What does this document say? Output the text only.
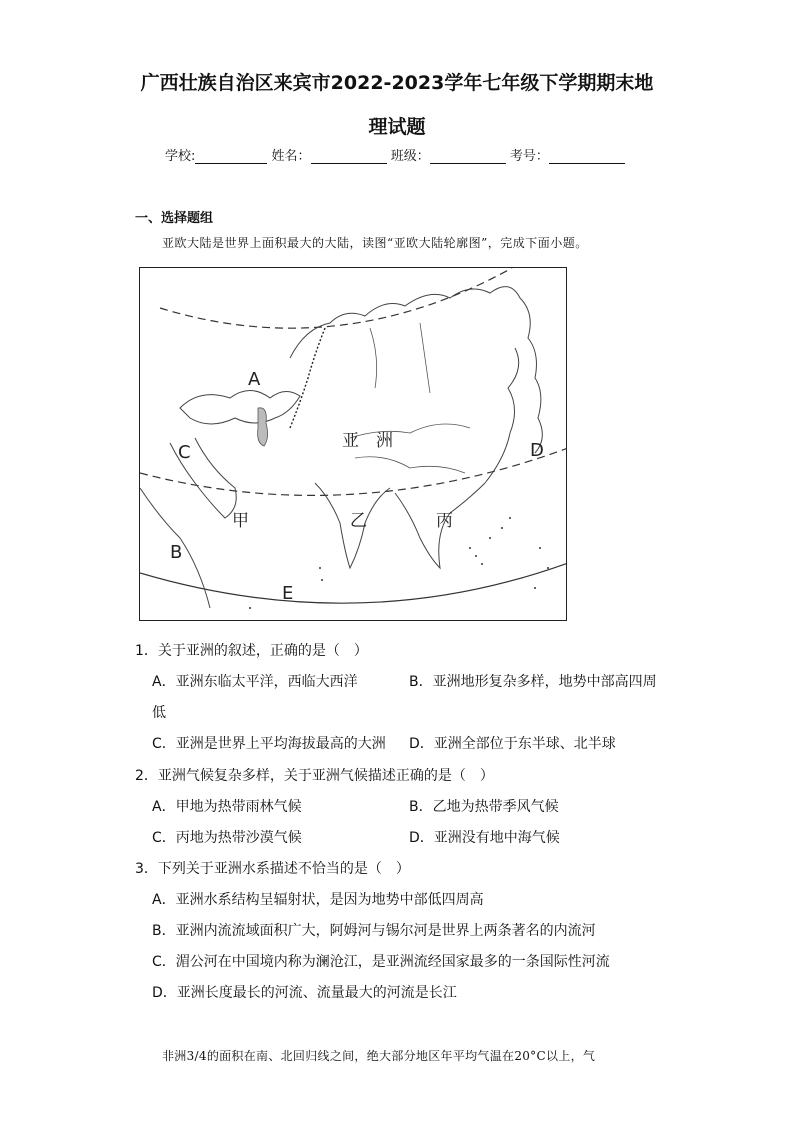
广西壮族自治区来宾市2022-2023学年七年级下学期期末地
理试题
学校:	姓名：	班级：	考号：
一、选择题组
亚欧大陆是世界上面积最大的大陆，读图“亚欧大陆轮廓图”，完成下面小题。
A
C	D
B
E
亚　洲
甲	乙	丙
1．关于亚洲的叙述，正确的是（　）
A．亚洲东临太平洋，西临大西洋	B．亚洲地形复杂多样，地势中部高四周
低
C．亚洲是世界上平均海拔最高的大洲 D．亚洲全部位于东半球、北半球
2．亚洲气候复杂多样，关于亚洲气候描述正确的是（　）
A．甲地为热带雨林气候	B．乙地为热带季风气候
C．丙地为热带沙漠气候	D．亚洲没有地中海气候
3．下列关于亚洲水系描述不恰当的是（　）
A．亚洲水系结构呈辐射状，是因为地势中部低四周高
B．亚洲内流流域面积广大，阿姆河与锡尔河是世界上两条著名的内流河
C．湄公河在中国境内称为澜沧江，是亚洲流经国家最多的一条国际性河流
D．亚洲长度最长的河流、流量最大的河流是长江
非洲3/4的面积在南、北回归线之间，绝大部分地区年平均气温在20°C以上，气
